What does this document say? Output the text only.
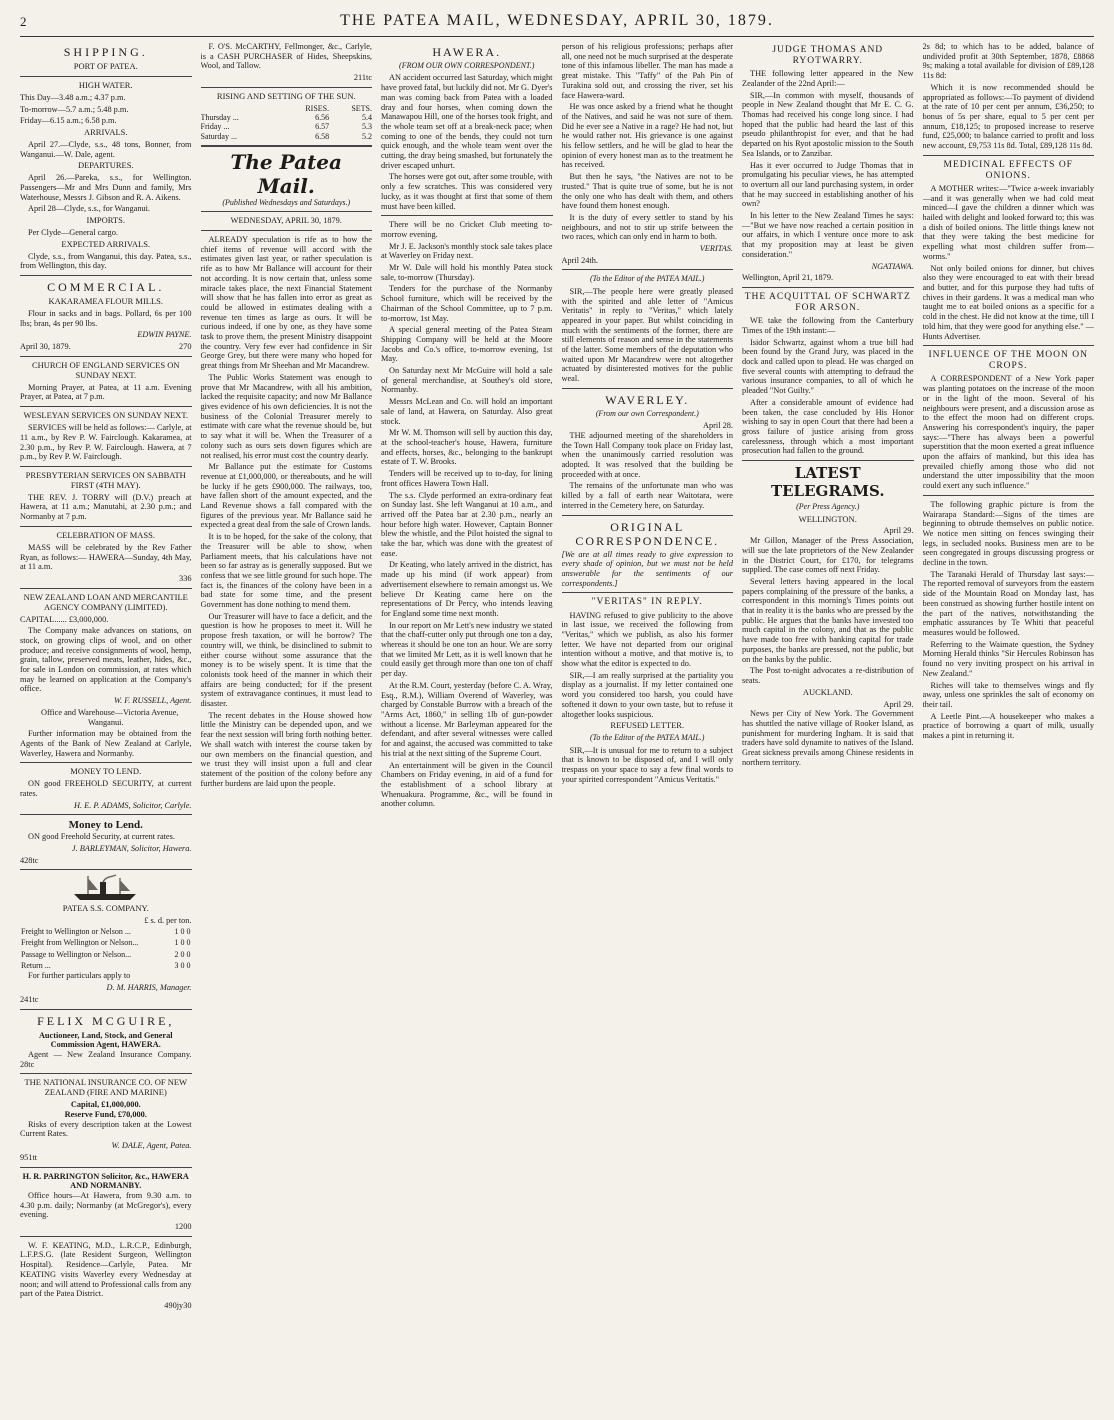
2	THE PATEA MAIL, WEDNESDAY, APRIL 30, 1879.
SHIPPING.
PORT OF PATEA.
HIGH WATER.

This Day—3.48 a.m.; 4.37 p.m.

To-morrow—5.7 a.m.; 5.48 p.m.

Friday—6.15 a.m.; 6.58 p.m.

ARRIVALS.

April 27.—Clyde, s.s., 48 tons, Bonner, from Wanganui.—W. Dale, agent.

DEPARTURES.

April 26.—Pareka, s.s., for Wellington. Passengers—Mr and Mrs Dunn and family, Mrs Waterhouse, Messrs J. Gibson and R. A. Aikens.

April 28—Clyde, s.s., for Wanganui.

IMPORTS.

Per Clyde—General cargo.

EXPECTED ARRIVALS.

Clyde, s.s., from Wanganui, this day. Patea, s.s., from Wellington, this day.

COMMERCIAL.
KAKARAMEA FLOUR MILLS.

Flour in sacks and in bags. Pollard, 6s per 100 lbs; bran, 4s per 90 lbs.

EDWIN PAYNE.

April 30, 1879.	270

CHURCH OF ENGLAND SERVICES ON SUNDAY NEXT.

Morning Prayer, at Patea, at 11 a.m. Evening Prayer, at Patea, at 7 p.m.

WESLEYAN SERVICES ON SUNDAY NEXT.

SERVICES will be held as follows:— Carlyle, at 11 a.m., by Rev P. W. Fairclough. Kakaramea, at 2.30 p.m., by Rev P. W. Fairclough. Hawera, at 7 p.m., by Rev P. W. Fairclough.

PRESBYTERIAN SERVICES ON SABBATH FIRST (4TH MAY).

THE REV. J. TORRY will (D.V.) preach at Hawera, at 11 a.m.; Manutahi, at 2.30 p.m.; and Normanby at 7 p.m.

CELEBRATION OF MASS.

MASS will be celebrated by the Rev Father Ryan, as follows:— HAWERA—Sunday, 4th May, at 11 a.m.

336
NEW ZEALAND LOAN AND MERCANTILE AGENCY COMPANY (LIMITED).

CAPITAL...... £3,000,000.

The Company make advances on stations, on stock, on growing clips of wool, and on other produce; and receive consignments of wool, hemp, grain, tallow, preserved meats, leather, hides, &c., for sale in London on commission, at rates which may be learned on application at the Company's office.

W. F. RUSSELL, Agent.

Office and Warehouse—Victoria Avenue, Wanganui.

Further information may be obtained from the Agents of the Bank of New Zealand at Carlyle, Waverley, Hawera and Normanby.

MONEY TO LEND.

ON good FREEHOLD SECURITY, at current rates.

H. E. P. ADAMS, Solicitor, Carlyle.
Money to Lend.

ON good Freehold Security, at current rates.

J. BARLEYMAN, Solicitor, Hawera.
428tc
PATEA S.S. COMPANY.
£ s. d. per ton.
Freight to Wellington or Nelson ...	1 0 0
Freight from Wellington or Nelson...	1 0 0
Passage to Wellington or Nelson...	2 0 0
Return ...	3 0 0

For further particulars apply to

D. M. HARRIS, Manager.
241tc
FELIX MCGUIRE,
Auctioneer, Land, Stock, and General Commission Agent, HAWERA.

Agent — New Zealand Insurance Company. 28tc

THE NATIONAL INSURANCE CO. OF NEW ZEALAND (FIRE AND MARINE)
Capital, £1,000,000.
Reserve Fund, £70,000.

Risks of every description taken at the Lowest Current Rates.

W. DALE, Agent, Patea.
951tt
H. R. PARRINGTON Solicitor, &c., HAWERA AND NORMANBY.

Office hours—At Hawera, from 9.30 a.m. to 4.30 p.m. daily; Normanby (at McGregor's), every evening.

1200

W. F. KEATING, M.D., L.R.C.P., Edinburgh, L.F.P.S.G. (late Resident Surgeon, Wellington Hospital). Residence—Carlyle, Patea. Mr KEATING visits Waverley every Wednesday at noon; and will attend to Professional calls from any part of the Patea District.

490jy30

F. O'S. McCARTHY, Fellmonger, &c., Carlyle, is a CASH PURCHASER of Hides, Sheepskins, Wool, and Tallow.

211tc
RISING AND SETTING OF THE SUN.
	RISES.	SETS.
Thursday ...	6.56	5.4
Friday ...	6.57	5.3
Saturday ...	6.58	5.2
The Patea Mail.
(Published Wednesdays and Saturdays.)
WEDNESDAY, APRIL 30, 1879.

ALREADY speculation is rife as to how the chief items of revenue will accord with the estimates given last year, or rather speculation is rife as to how Mr Ballance will account for their not according. It is now certain that, unless some miracle takes place, the next Financial Statement will show that he has fallen into error as great as could be allowed in estimates dealing with a revenue ten times as large as ours. It will be curious indeed, if one by one, as they have some task to prove them, the present Ministry disappoint the country. Very few ever had confidence in Sir George Grey, but there were many who hoped for great things from Mr Sheehan and Mr Macandrew.

The Public Works Statement was enough to prove that Mr Macandrew, with all his ambition, lacked the requisite capacity; and now Mr Ballance gives evidence of his own deficiencies. It is not the business of the Colonial Treasurer merely to estimate with care what the revenue should be, but to say what it will be. When the Treasurer of a colony such as ours sets down figures which are not realised, his error must cost the country dearly.

Mr Ballance put the estimate for Customs revenue at £1,000,000, or thereabouts, and he will be lucky if he gets £900,000. The railways, too, have fallen short of the amount expected, and the Land Revenue shows a fall compared with the figures of the previous year. Mr Ballance said he expected a great deal from the sale of Crown lands.

It is to be hoped, for the sake of the colony, that the Treasurer will be able to show, when Parliament meets, that his calculations have not been so far astray as is generally supposed. But we confess that we see little ground for such hope. The fact is, the finances of the colony have been in a bad state for some time, and the present Government has done nothing to mend them.

Our Treasurer will have to face a deficit, and the question is how he proposes to meet it. Will he propose fresh taxation, or will he borrow? The country will, we think, be disinclined to submit to either course without some assurance that the money is to be wisely spent. It is time that the colonists took heed of the manner in which their affairs are being conducted; for if the present system of extravagance continues, it must lead to disaster.

The recent debates in the House showed how little the Ministry can be depended upon, and we fear the next session will bring forth nothing better. We shall watch with interest the course taken by our own members on the financial question, and we trust they will insist upon a full and clear statement of the position of the colony before any further burdens are laid upon the people.

HAWERA.
(FROM OUR OWN CORRESPONDENT.)

AN accident occurred last Saturday, which might have proved fatal, but luckily did not. Mr G. Dyer's man was coming back from Patea with a loaded dray and four horses, when coming down the Manawapou Hill, one of the horses took fright, and the whole team set off at a break-neck pace; when coming to one of the bends, they could not turn quick enough, and the whole team went over the cutting, the dray being smashed, but fortunately the driver escaped unhurt.

The horses were got out, after some trouble, with only a few scratches. This was considered very lucky, as it was thought at first that some of them must have been killed.

There will be no Cricket Club meeting to-morrow evening.

Mr J. E. Jackson's monthly stock sale takes place at Waverley on Friday next.

Mr W. Dale will hold his monthly Patea stock sale, to-morrow (Thursday).

Tenders for the purchase of the Normanby School furniture, which will be received by the Chairman of the School Committee, up to 7 p.m. to-morrow, 1st May.

A special general meeting of the Patea Steam Shipping Company will be held at the Moore Jacobs and Co.'s office, to-morrow evening, 1st May.

On Saturday next Mr McGuire will hold a sale of general merchandise, at Southey's old store, Normanby.

Messrs McLean and Co. will hold an important sale of land, at Hawera, on Saturday. Also great stock.

Mr W. M. Thomson will sell by auction this day, at the school-teacher's house, Hawera, furniture and effects, horses, &c., belonging to the bankrupt estate of T. W. Brooks.

Tenders will be received up to to-day, for lining front offices Hawera Town Hall.

The s.s. Clyde performed an extra-ordinary feat on Sunday last. She left Wanganui at 10 a.m., and arrived off the Patea bar at 2.30 p.m., nearly an hour before high water. However, Captain Bonner blew the whistle, and the Pilot hoisted the signal to take the bar, which was done with the greatest of ease.

Dr Keating, who lately arrived in the district, has made up his mind (if work appear) from advertisement elsewhere to remain amongst us. We believe Dr Keating came here on the representations of Dr Percy, who intends leaving for England some time next month.

In our report on Mr Lett's new industry we stated that the chaff-cutter only put through one ton a day, whereas it should be one ton an hour. We are sorry that we limited Mr Lett, as it is well known that he could easily get through more than one ton of chaff per day.

At the R.M. Court, yesterday (before C. A. Wray, Esq., R.M.), William Overend of Waverley, was charged by Constable Burrow with a breach of the "Arms Act, 1860," in selling 1lb of gun-powder without a license. Mr Barleyman appeared for the defendant, and after several witnesses were called for and against, the accused was committed to take his trial at the next sitting of the Supreme Court.

An entertainment will be given in the Council Chambers on Friday evening, in aid of a fund for the establishment of a school library at Whenuakura. Programme, &c., will be found in another column.

person of his religious professions; perhaps after all, one need not be much surprised at the desperate tone of this infamous libeller. The man has made a great mistake. This "Taffy" of the Pah Pin of Turakina sold out, and crossing the river, set his face Hawera-ward.

He was once asked by a friend what he thought of the Natives, and said he was not sure of them. Did he ever see a Native in a rage? He had not, but he would rather not. His grievance is one against his fellow settlers, and he will be glad to hear the opinion of every honest man as to the treatment he has received.

But then he says, "the Natives are not to be trusted." That is quite true of some, but he is not the only one who has dealt with them, and others have found them honest enough.

It is the duty of every settler to stand by his neighbours, and not to stir up strife between the two races, which can only end in harm to both.

VERITAS.

April 24th.

(To the Editor of the PATEA MAIL.)

SIR,—The people here were greatly pleased with the spirited and able letter of "Amicus Veritatis" in reply to "Veritas," which lately appeared in your paper. But whilst coinciding in much with the sentiments of the former, there are still elements of reason and sense in the statements of the latter. Some members of the deputation who waited upon Mr Macandrew were not altogether actuated by disinterested motives for the public weal.

WAVERLEY.
(From our own Correspondent.)
April 28.

THE adjourned meeting of the shareholders in the Town Hall Company took place on Friday last, when the unanimously carried resolution was adopted. It was resolved that the building be proceeded with at once.

The remains of the unfortunate man who was killed by a fall of earth near Waitotara, were interred in the Cemetery here, on Saturday.

ORIGINAL CORRESPONDENCE.

[We are at all times ready to give expression to every shade of opinion, but we must not be held answerable for the sentiments of our correspondents.]

"VERITAS" IN REPLY.

HAVING refused to give publicity to the above in last issue, we received the following from "Veritas," which we publish, as also his former letter. We have not departed from our original intention without a motive, and that motive is, to show what the editor is expected to do.

SIR,—I am really surprised at the partiality you display as a journalist. If my letter contained one word you considered too harsh, you could have softened it down to your own taste, but to refuse it altogether looks suspicious.

REFUSED LETTER.
(To the Editor of the PATEA MAIL.)

SIR,—It is unusual for me to return to a subject that is known to be disposed of, and I will only trespass on your space to say a few final words to your spirited correspondent "Amicus Veritatis."

JUDGE THOMAS AND RYOTWARRY.

THE following letter appeared in the New Zealander of the 22nd April:—

SIR,—In common with myself, thousands of people in New Zealand thought that Mr E. C. G. Thomas had received his conge long since. I had hoped that the public had heard the last of this pseudo philanthropist for ever, and that he had departed on his Ryot apostolic mission to the South Sea Islands, or to Zanzibar.

Has it ever occurred to Judge Thomas that in promulgating his peculiar views, he has attempted to overturn all our land purchasing system, in order that he may succeed in establishing another of his own?

In his letter to the New Zealand Times he says:—"But we have now reached a certain position in our affairs, in which I venture once more to ask that my proposition may at least be given consideration."

NGATIAWA.

Wellington, April 21, 1879.

THE ACQUITTAL OF SCHWARTZ FOR ARSON.

WE take the following from the Canterbury Times of the 19th instant:—

Isidor Schwartz, against whom a true bill had been found by the Grand Jury, was placed in the dock and called upon to plead. He was charged on five several counts with attempting to defraud the various insurance companies, to all of which he pleaded "Not Guilty."

After a considerable amount of evidence had been taken, the case concluded by His Honor wishing to say in open Court that there had been a gross failure of justice arising from gross carelessness, through which a most important prosecution had fallen to the ground.

LATEST TELEGRAMS.
(Per Press Agency.)
WELLINGTON.
April 29.

Mr Gillon, Manager of the Press Association, will sue the late proprietors of the New Zealander in the District Court, for £170, for telegrams supplied. The case comes off next Friday.

Several letters having appeared in the local papers complaining of the pressure of the banks, a correspondent in this morning's Times points out that in reality it is the banks who are pressed by the public. He argues that the banks have invested too much capital in the colony, and that as the public have made too free with banking capital for trade purposes, the banks are pressed, not the public, but on the banks by the public.

The Post to-night advocates a re-distribution of seats.

AUCKLAND.
April 29.

News per City of New York. The Government has shuttled the native village of Rooker Island, as punishment for murdering Ingham. It is said that traders have sold dynamite to natives of the Island. Great sickness prevails among Chinese residents in northern territory.

2s 8d; to which has to be added, balance of undivided profit at 30th September, 1878, £8868 9s; making a total available for division of £89,128 11s 8d:

Which it is now recommended should be appropriated as follows:—To payment of dividend at the rate of 10 per cent per annum, £36,250; to bonus of 5s per share, equal to 5 per cent per annum, £18,125; to proposed increase to reserve fund, £25,000; to balance carried to profit and loss new account, £9,753 11s 8d. Total, £89,128 11s 8d.

MEDICINAL EFFECTS OF ONIONS.

A MOTHER writes:—"Twice a-week invariably—and it was generally when we had cold meat minced—I gave the children a dinner which was hailed with delight and looked forward to; this was a dish of boiled onions. The little things knew not that they were taking the best medicine for expelling what most children suffer from—worms."

Not only boiled onions for dinner, but chives also they were encouraged to eat with their bread and butter, and for this purpose they had tufts of chives in their gardens. It was a medical man who taught me to eat boiled onions as a specific for a cold in the chest. He did not know at the time, till I told him, that they were good for anything else." — Hunts Advertiser.

INFLUENCE OF THE MOON ON CROPS.

A CORRESPONDENT of a New York paper was planting potatoes on the increase of the moon or in the light of the moon. Several of his neighbours were present, and a discussion arose as to the effect the moon had on different crops. Answering his correspondent's inquiry, the paper says:—"There has always been a powerful superstition that the moon exerted a great influence upon the affairs of mankind, but this idea has prevailed chiefly among those who did not understand the utter impossibility that the moon could exert any such influence."

The following graphic picture is from the Wairarapa Standard:—Signs of the times are beginning to obtrude themselves on public notice. We notice men sitting on fences swinging their legs, in secluded nooks. Business men are to be seen congregated in groups discussing progress or decline in the town.

The Taranaki Herald of Thursday last says:—The reported removal of surveyors from the eastern side of the Mountain Road on Monday last, has been construed as showing further hostile intent on the part of the natives, notwithstanding the emphatic assurances by Te Whiti that peaceful measures would be followed.

Referring to the Waimate question, the Sydney Morning Herald thinks "Sir Hercules Robinson has found no very inviting prospect on his arrival in New Zealand."

Riches will take to themselves wings and fly away, unless one sprinkles the salt of economy on their tail.

A Leetle Pint.—A housekeeper who makes a practice of borrowing a quart of milk, usually makes a pint in returning it.
